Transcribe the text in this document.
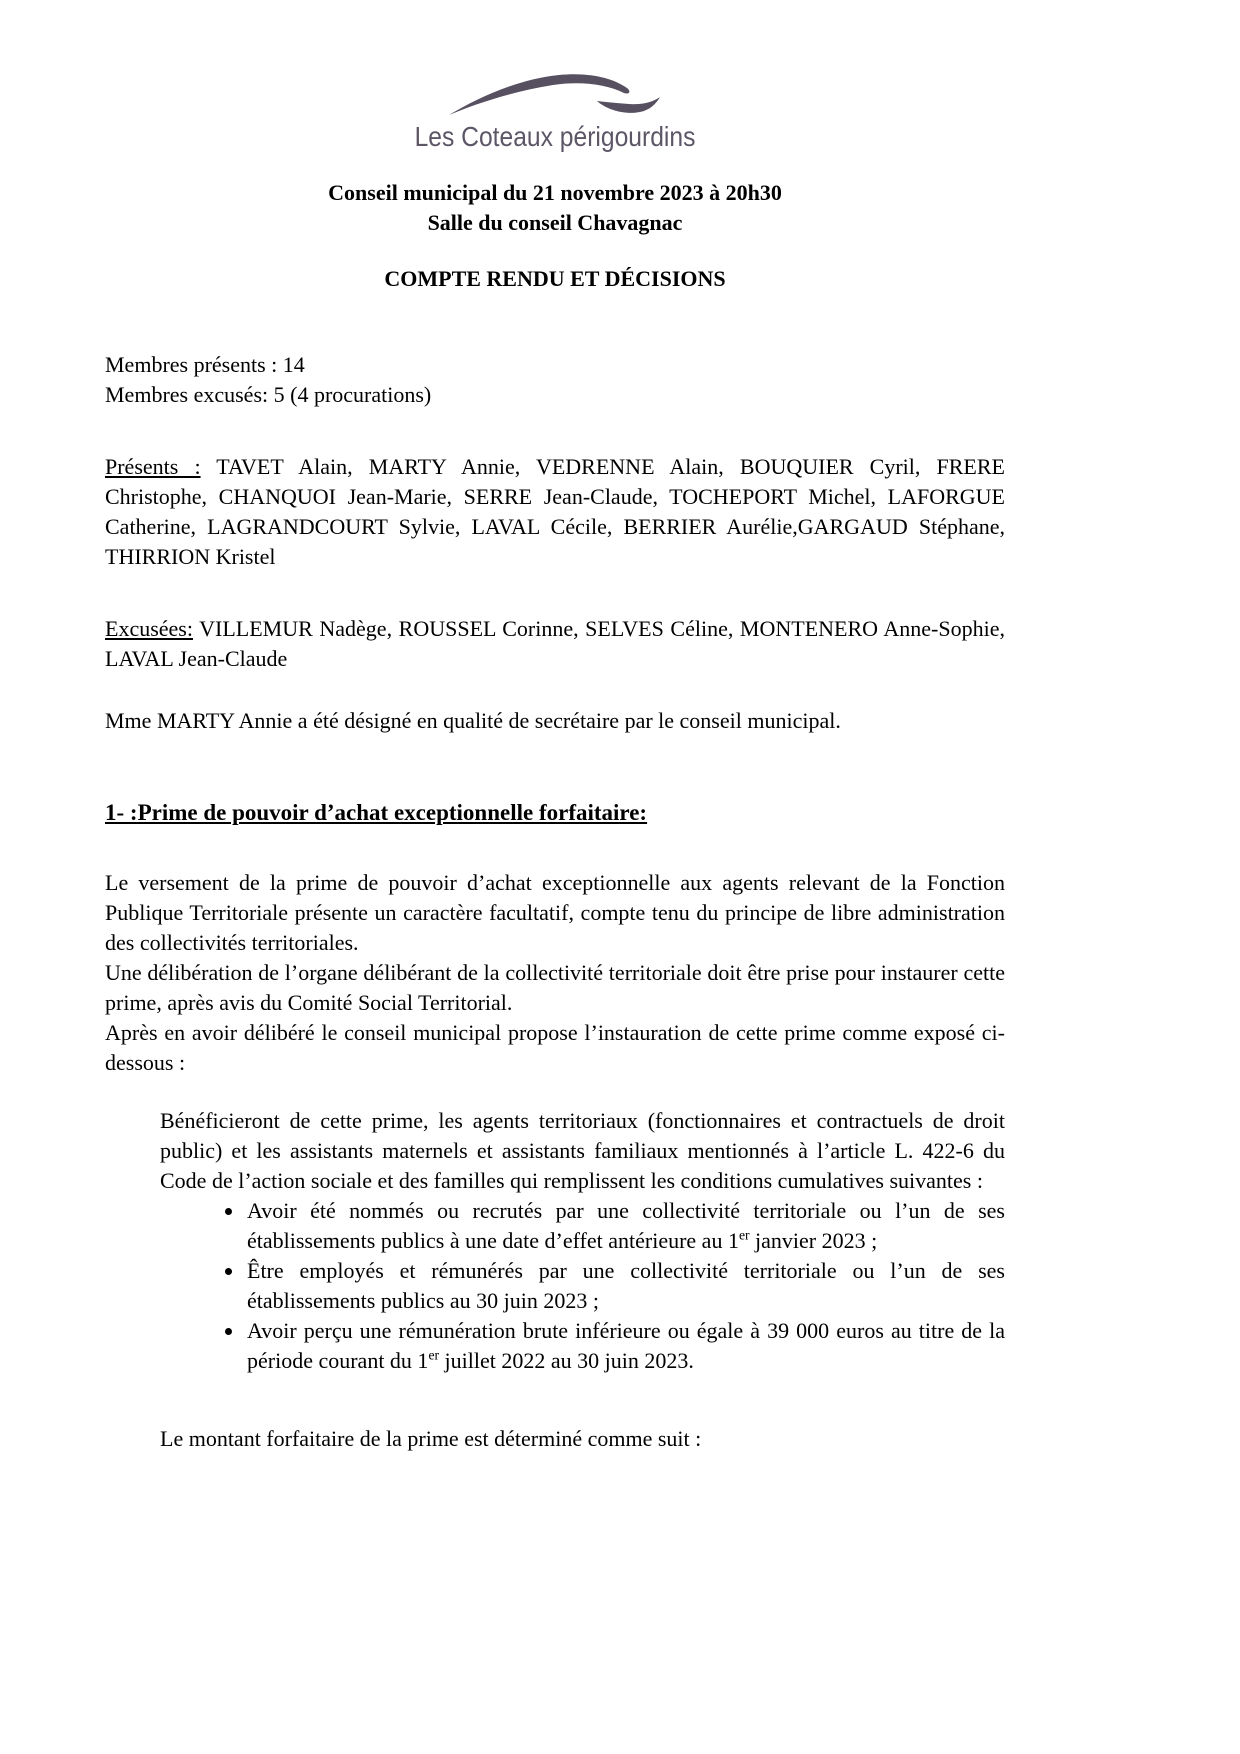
Les Coteaux périgourdins
Conseil municipal du 21 novembre 2023 à 20h30
Salle du conseil Chavagnac
COMPTE RENDU ET DÉCISIONS
Membres présents : 14
Membres excusés: 5 (4 procurations)

Présents : TAVET Alain, MARTY Annie, VEDRENNE Alain, BOUQUIER Cyril, FRERE Christophe, CHANQUOI Jean-Marie, SERRE Jean-Claude, TOCHEPORT Michel, LAFORGUE Catherine, LAGRANDCOURT Sylvie, LAVAL Cécile, BERRIER Aurélie,GARGAUD Stéphane, THIRRION Kristel

Excusées: VILLEMUR Nadège, ROUSSEL Corinne, SELVES Céline, MONTENERO Anne-Sophie, LAVAL Jean-Claude

Mme MARTY Annie a été désigné en qualité de secrétaire par le conseil municipal.

1- :Prime de pouvoir d’achat exceptionnelle forfaitaire:

Le versement de la prime de pouvoir d’achat exceptionnelle aux agents relevant de la Fonction Publique Territoriale présente un caractère facultatif, compte tenu du principe de libre administration des collectivités territoriales.

Une délibération de l’organe délibérant de la collectivité territoriale doit être prise pour instaurer cette prime, après avis du Comité Social Territorial.

Après en avoir délibéré le conseil municipal propose l’instauration de cette prime comme exposé ci-dessous :

Bénéficieront de cette prime, les agents territoriaux (fonctionnaires et contractuels de droit public) et les assistants maternels et assistants familiaux mentionnés à l’article L. 422-6 du Code de l’action sociale et des familles qui remplissent les conditions cumulatives suivantes :

• Avoir été nommés ou recrutés par une collectivité territoriale ou l’un de ses établissements publics à une date d’effet antérieure au 1er janvier 2023 ;
• Être employés et rémunérés par une collectivité territoriale ou l’un de ses établissements publics au 30 juin 2023 ;
• Avoir perçu une rémunération brute inférieure ou égale à 39 000 euros au titre de la période courant du 1er juillet 2022 au 30 juin 2023.

Le montant forfaitaire de la prime est déterminé comme suit :
